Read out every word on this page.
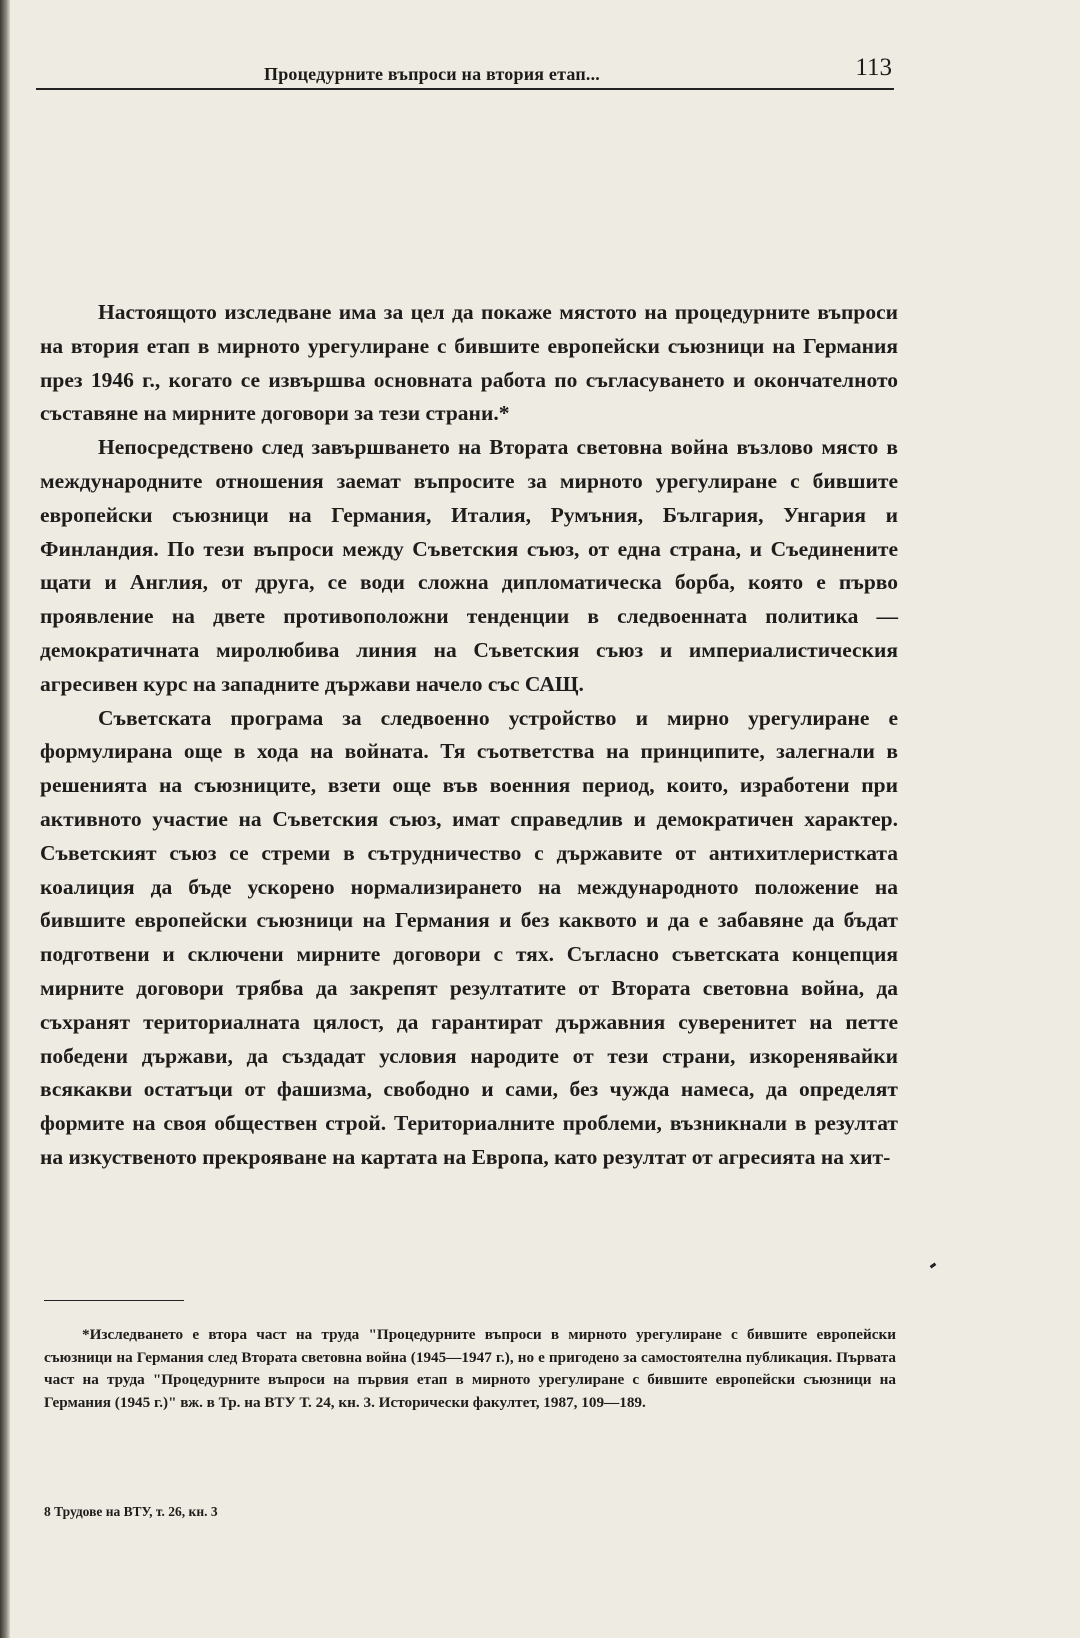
Процедурните въпроси на втория етап...	113

Настоящото изследване има за цел да покаже мястото на процедурните въпроси на втория етап в мирното урегулиране с бившите европейски съюзници на Германия през 1946 г., когато се извършва основната работа по съгласуването и окончателното съставяне на мирните договори за тези страни.*

Непосредствено след завършването на Втората световна война възлово място в международните отношения заемат въпросите за мирното урегулиране с бившите европейски съюзници на Германия, Италия, Румъния, България, Унгария и Финландия. По тези въпроси между Съветския съюз, от една страна, и Съединените щати и Англия, от друга, се води сложна дипломатическа борба, която е първо проявление на двете противоположни тенденции в следвоенната политика — демократичната миролюбива линия на Съветския съюз и империалистическия агресивен курс на западните държави начело със САЩ.

Съветската програма за следвоенно устройство и мирно урегулиране е формулирана още в хода на войната. Тя съответства на принципите, залегнали в решенията на съюзниците, взети още във военния период, които, изработени при активното участие на Съветския съюз, имат справедлив и демократичен характер. Съветският съюз се стреми в сътрудничество с държавите от антихитлеристката коалиция да бъде ускорено нормализирането на международното положение на бившите европейски съюзници на Германия и без каквото и да е забавяне да бъдат подготвени и сключени мирните договори с тях. Съгласно съветската концепция мирните договори трябва да закрепят резултатите от Втората световна война, да съхранят териториалната цялост, да гарантират държавния суверенитет на петте победени държави, да създадат условия народите от тези страни, изкоренявайки всякакви остатъци от фашизма, свободно и сами, без чужда намеса, да определят формите на своя обществен строй. Териториалните проблеми, възникнали в резултат на изкуственото прекрояване на картата на Европа, като резултат от агресията на хит-

*Изследването е втора част на труда "Процедурните въпроси в мирното урегулиране с бившите европейски съюзници на Германия след Втората световна война (1945—1947 г.), но е пригодено за самостоятелна публикация. Първата част на труда "Процедурните въпроси на първия етап в мирното урегулиране с бившите европейски съюзници на Германия (1945 г.)" вж. в Тр. на ВТУ Т. 24, кн. 3. Исторически факултет, 1987, 109—189.

8 Трудове на ВТУ, т. 26, кн. 3
